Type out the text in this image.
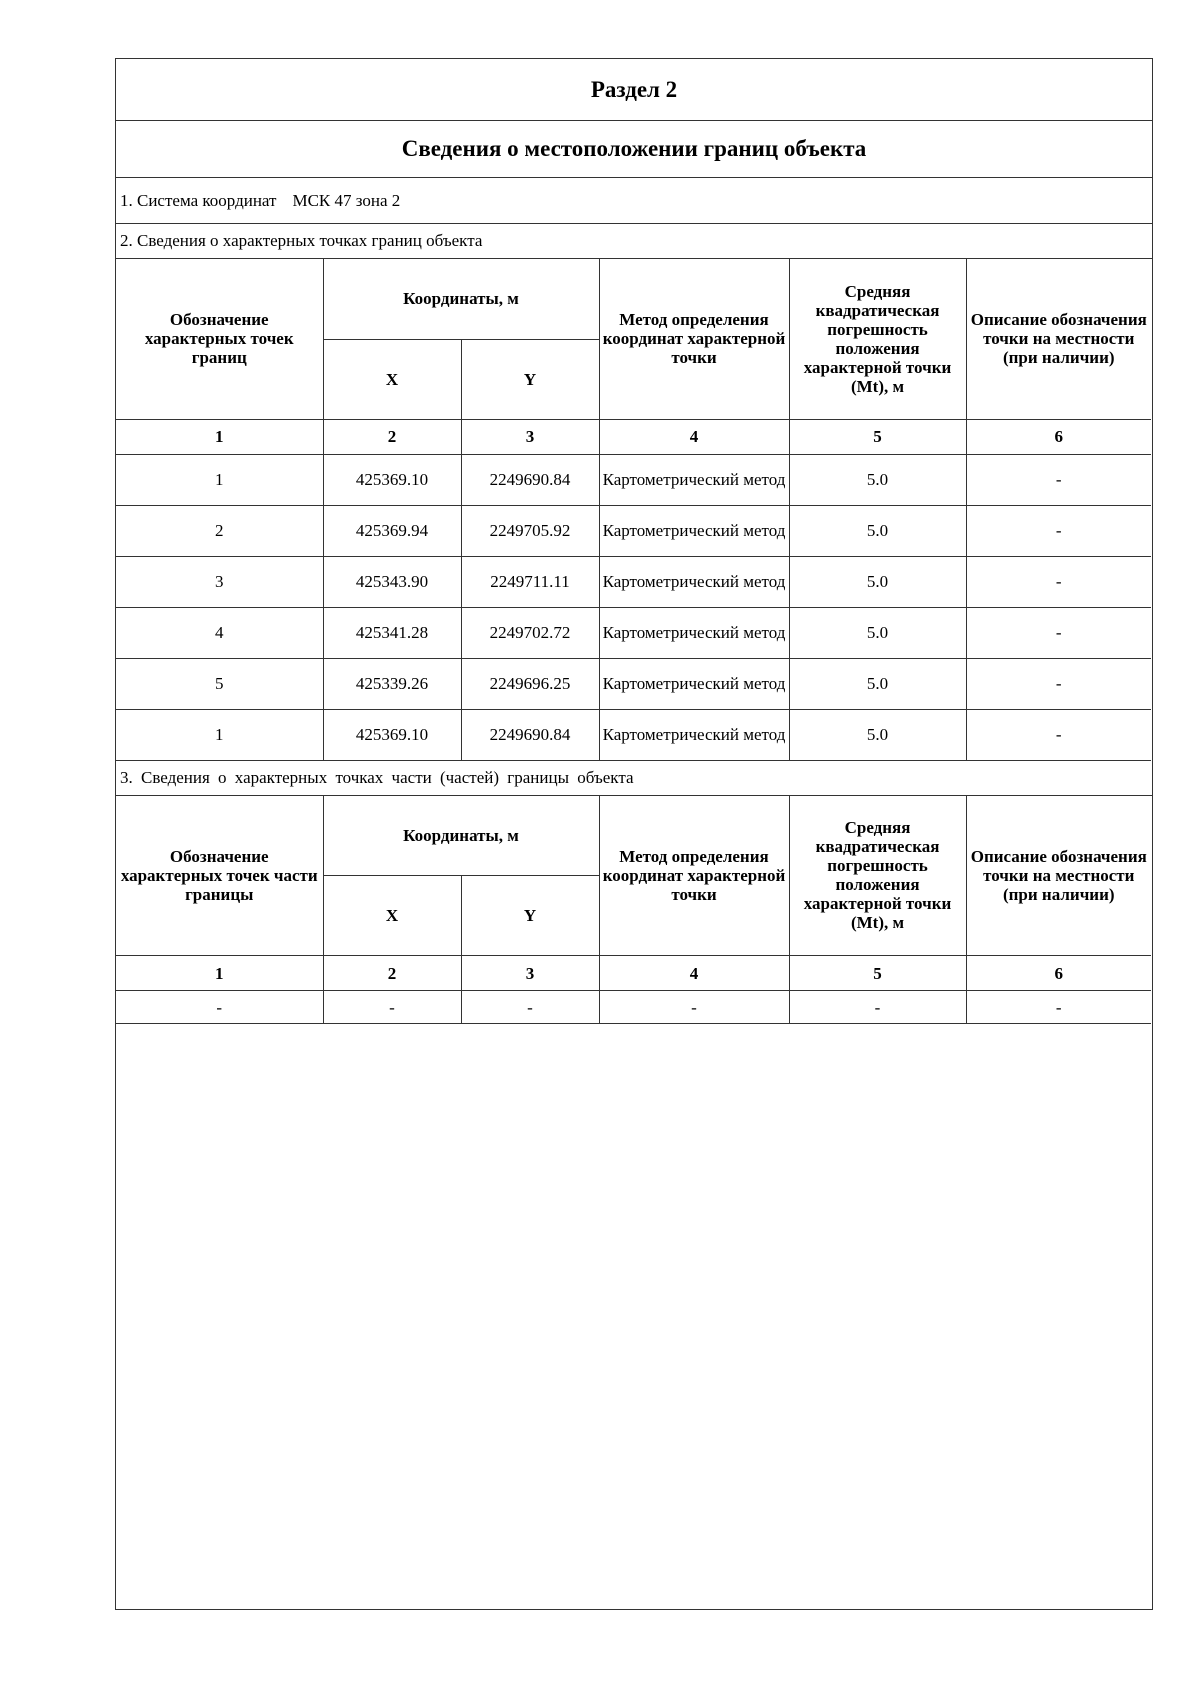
Раздел 2
Сведения о местоположении границ объекта
1. Система координат МСК 47 зона 2
2. Сведения о характерных точках границ объекта
Обозначение характерных точек границ	Координаты, м		Метод определения координат характерной точки	Средняя квадратическая погрешность положения характерной точки (Mt), м	Описание обозначения точки на местности (при наличии)
	X	Y			
1	2	3	4	5	6
1	425369.10	2249690.84	Картометрический метод	5.0	-
2	425369.94	2249705.92	Картометрический метод	5.0	-
3	425343.90	2249711.11	Картометрический метод	5.0	-
4	425341.28	2249702.72	Картометрический метод	5.0	-
5	425339.26	2249696.25	Картометрический метод	5.0	-
1	425369.10	2249690.84	Картометрический метод	5.0	-
3. Сведения о характерных точках части (частей) границы объекта
Обозначение характерных точек части границы	Координаты, м		Метод определения координат характерной точки	Средняя квадратическая погрешность положения характерной точки (Mt), м	Описание обозначения точки на местности (при наличии)
	X	Y			
1	2	3	4	5	6
-	-	-	-	-	-
